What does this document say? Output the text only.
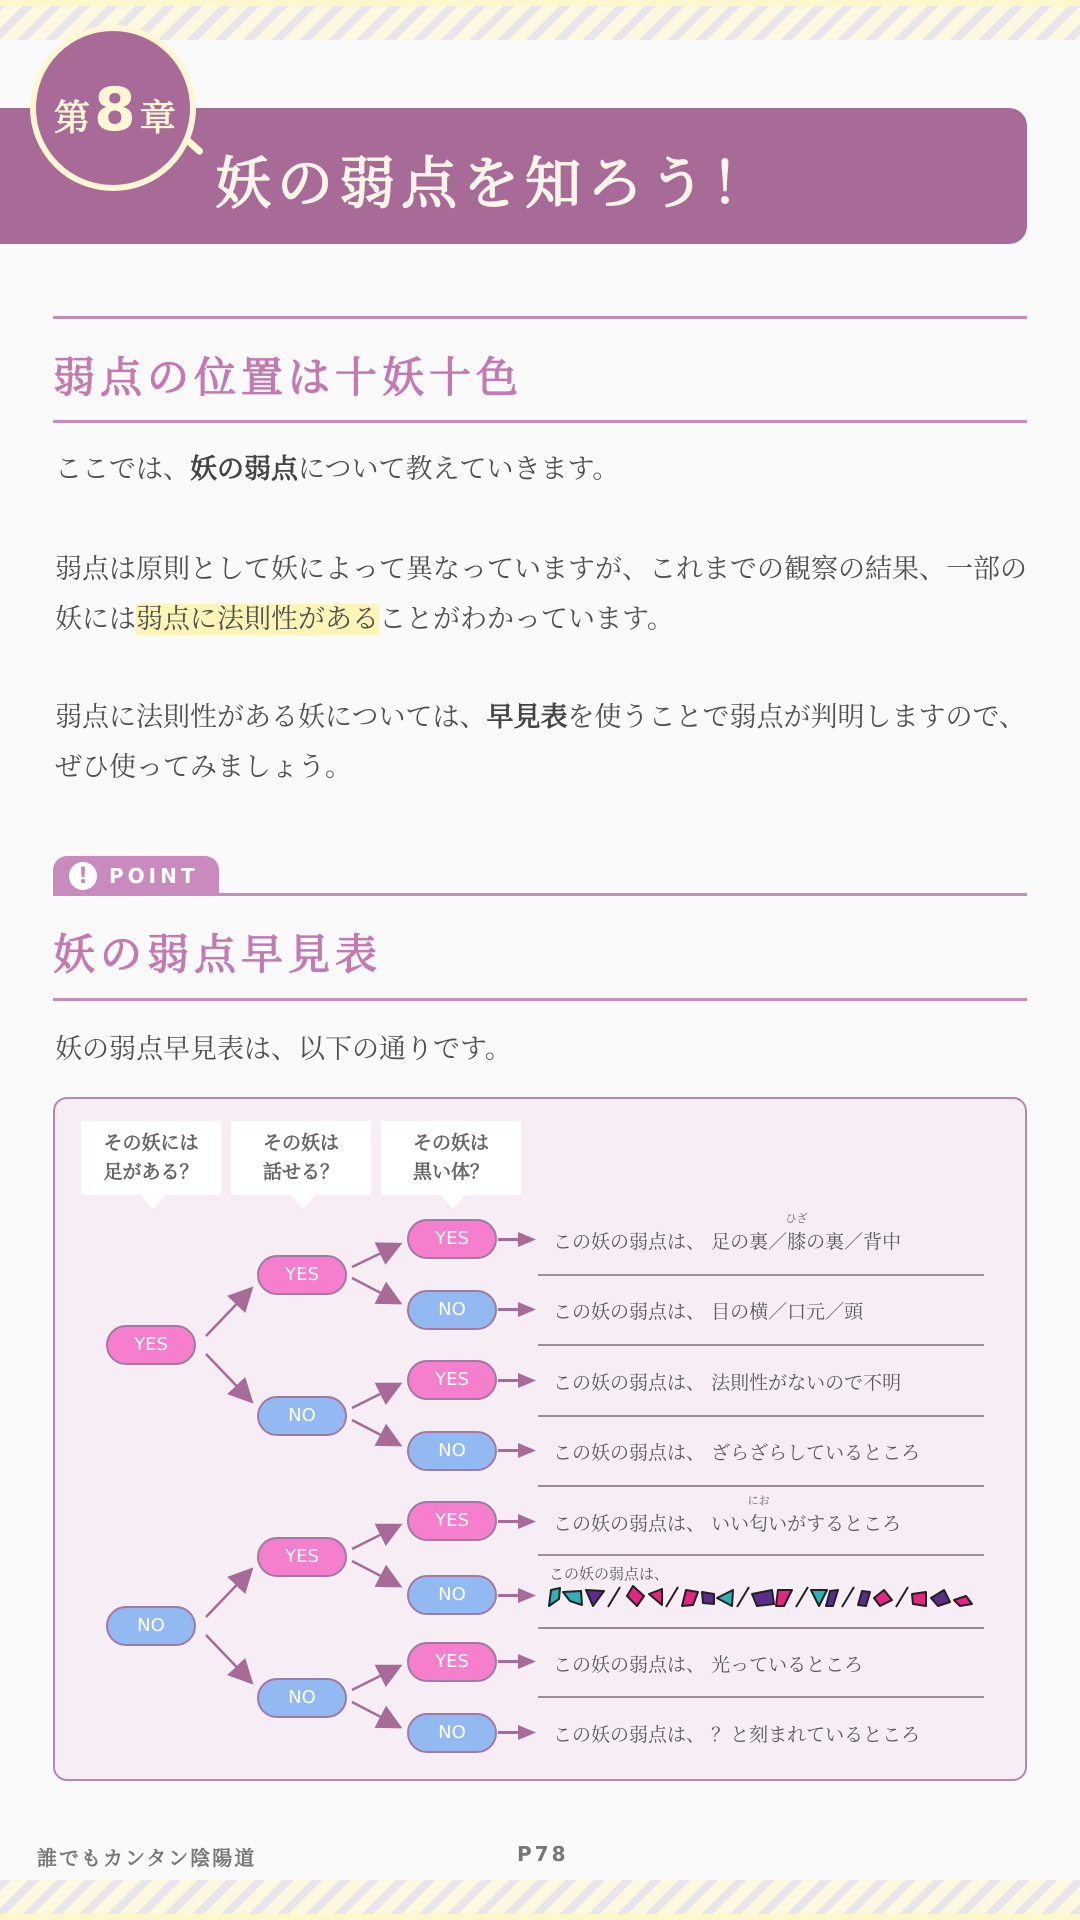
妖の弱点を知ろう！
第 8 章
弱点の位置は十妖十色
ここでは、妖の弱点について教えていきます。
弱点は原則として妖によって異なっていますが、これまでの観察の結果、一部の妖には弱点に法則性があることがわかっています。
弱点に法則性がある妖については、早見表を使うことで弱点が判明しますので、ぜひ使ってみましょう。
!	POINT
妖の弱点早見表
妖の弱点早見表は、以下の通りです。
その妖には
足がある？
その妖は
話せる？
その妖は
黒い体？
YES
NO
YES
NO
YES
NO
YES
NO
YES
NO
YES
NO
YES
NO
この妖の弱点は、 足の裏／
ひざ
膝の裏／背中
この妖の弱点は、 目の横／口元／頭
この妖の弱点は、 法則性がないので不明
この妖の弱点は、 ざらざらしているところ
この妖の弱点は、 いい
にお
匂いがするところ
この妖の弱点は、
この妖の弱点は、 光っているところ
この妖の弱点は、 ？と刻まれているところ
誰でもカンタン陰陽道	P78
